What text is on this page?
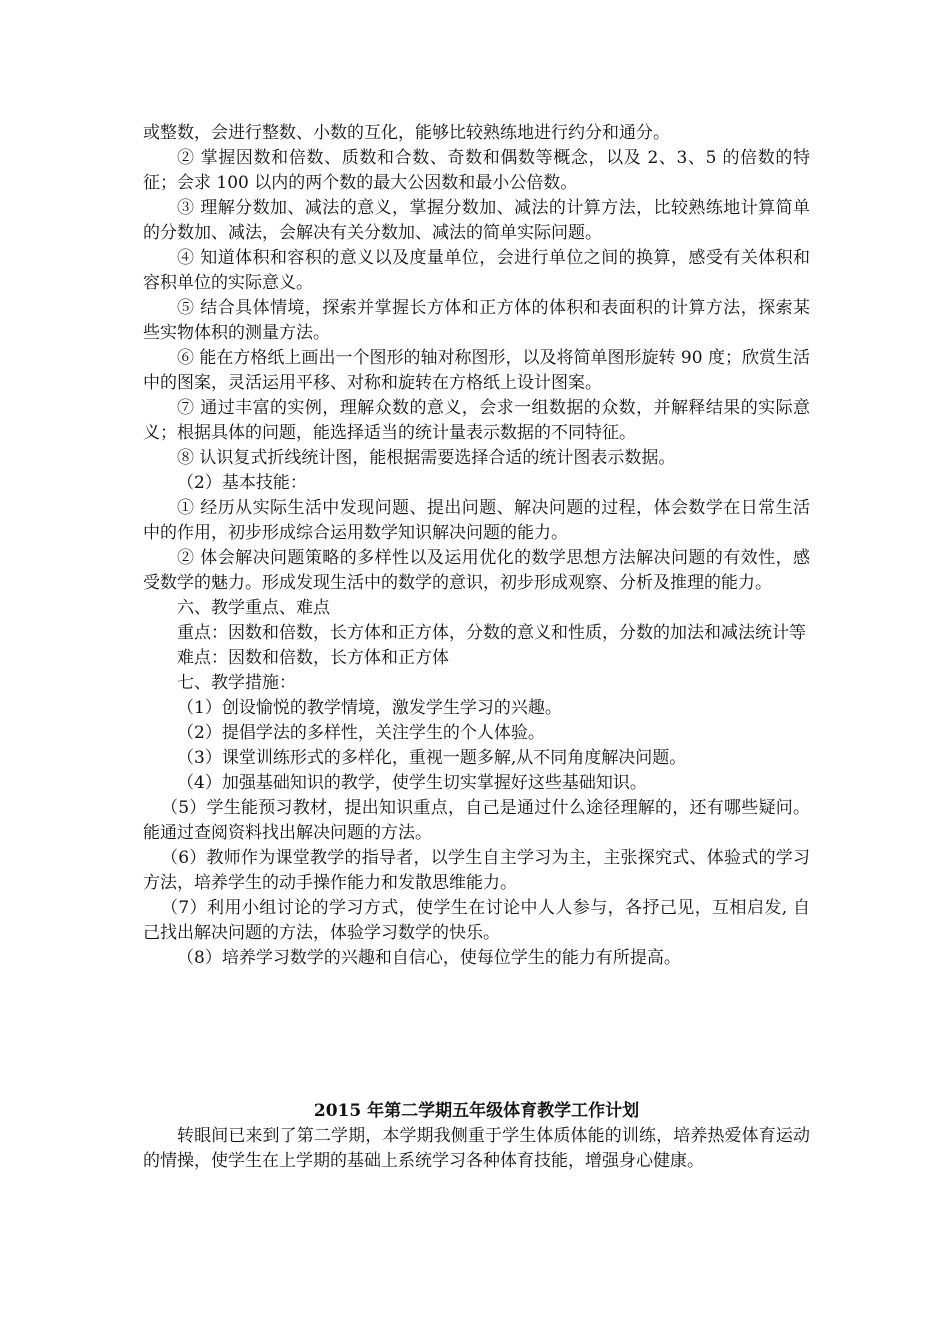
或整数，会进行整数、小数的互化，能够比较熟练地进行约分和通分。

② 掌握因数和倍数、质数和合数、奇数和偶数等概念，以及 2、3、5 的倍数的特征；会求 100 以内的两个数的最大公因数和最小公倍数。

③ 理解分数加、减法的意义，掌握分数加、减法的计算方法，比较熟练地计算简单的分数加、减法，会解决有关分数加、减法的简单实际问题。

④ 知道体积和容积的意义以及度量单位，会进行单位之间的换算，感受有关体积和容积单位的实际意义。

⑤ 结合具体情境，探索并掌握长方体和正方体的体积和表面积的计算方法，探索某些实物体积的测量方法。

⑥ 能在方格纸上画出一个图形的轴对称图形，以及将简单图形旋转 90 度；欣赏生活中的图案，灵活运用平移、对称和旋转在方格纸上设计图案。

⑦ 通过丰富的实例，理解众数的意义，会求一组数据的众数，并解释结果的实际意义；根据具体的问题，能选择适当的统计量表示数据的不同特征。

⑧ 认识复式折线统计图，能根据需要选择合适的统计图表示数据。

（2）基本技能：

① 经历从实际生活中发现问题、提出问题、解决问题的过程，体会数学在日常生活中的作用，初步形成综合运用数学知识解决问题的能力。

② 体会解决问题策略的多样性以及运用优化的数学思想方法解决问题的有效性，感受数学的魅力。形成发现生活中的数学的意识，初步形成观察、分析及推理的能力。

六、教学重点、难点

重点：因数和倍数，长方体和正方体，分数的意义和性质，分数的加法和减法统计等

难点：因数和倍数，长方体和正方体

七、教学措施：

（1）创设愉悦的教学情境，激发学生学习的兴趣。

（2）提倡学法的多样性，关注学生的个人体验。

（3）课堂训练形式的多样化，重视一题多解,从不同角度解决问题。

（4）加强基础知识的教学，使学生切实掌握好这些基础知识。

（5）学生能预习教材，提出知识重点，自己是通过什么途径理解的，还有哪些疑问。能通过查阅资料找出解决问题的方法。

（6）教师作为课堂教学的指导者，以学生自主学习为主，主张探究式、体验式的学习方法，培养学生的动手操作能力和发散思维能力。

（7）利用小组讨论的学习方式，使学生在讨论中人人参与，各抒己见，互相启发, 自己找出解决问题的方法，体验学习数学的快乐。

（8）培养学习数学的兴趣和自信心，使每位学生的能力有所提高。

2015 年第二学期五年级体育教学工作计划

转眼间已来到了第二学期，本学期我侧重于学生体质体能的训练，培养热爱体育运动的情操，使学生在上学期的基础上系统学习各种体育技能，增强身心健康。
